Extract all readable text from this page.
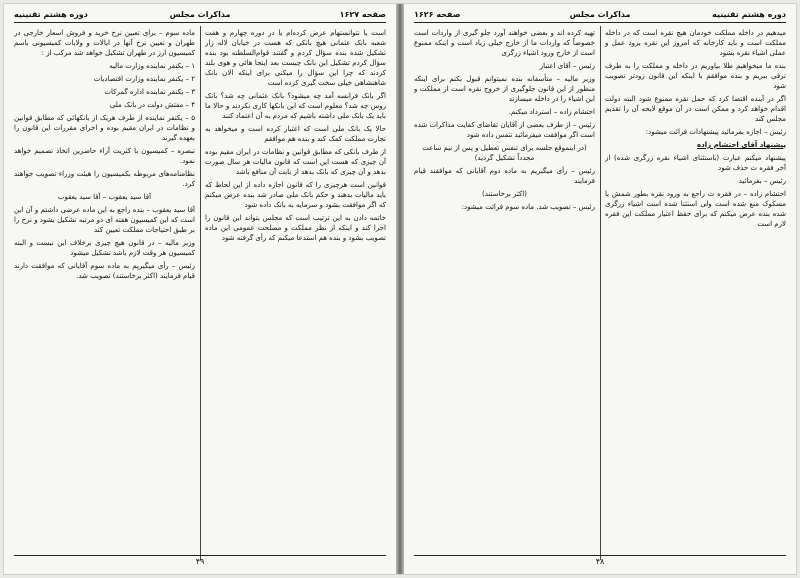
صفحه ۱۶۲۷
مذاکرات مجلس
دوره هشتم تقنینیه

است یا نتوانستهام عرض کرده‌ام یا در دوره چهارم و هفت شعبه بانک عثمانی هیچ بانکی که هست در خیابان لاله زار تشکیل شده بنده سؤال کردم و گفتند قوام‌السلطنه بود بنده سؤال کردم تشکیل این بانک چیست بعد اینجا هائی و هوی بلند کردند که چرا این سؤال را میکنی برای اینکه الان بانک شاهنشاهی خیلی سخت گیری کرده است

اگر بانک فرانسه آمد چه میشود؟ بانک عثمانی چه شد؟ بانک روس چه شد؟ معلوم است که این بانکها کاری نکردند و حالا ما باید یک بانک ملی داشته باشیم که مردم به آن اعتماد کنند

حالا یک بانک ملی است که اعتبار کرده است و میخواهد به تجارت مملکت کمک کند و بنده هم موافقم

از طرف بانکی که مطابق قوانین و نظامات در ایران مقیم بوده آن چیزی که هست این است که قانون مالیات هر سال صورت بدهد و آن چیزی که بانک بدهد از بابت آن منافع باشد

قوانین است هرچیزی را که قانون اجازه داده از این لحاظ که باید مالیات بدهند و حکم بانک ملی صادر شد بنده عرض میکنم که اگر موافقت بشود و سرمایه به بانک داده شود

خاتمه دادن به این ترتیب است که مجلس بتواند این قانون را اجرا کند و اینکه از نظر مملکت و مصلحت عمومی این ماده تصویب بشود و بنده هم استدعا میکنم که رأی گرفته شود

ماده سوم – برای تعیین نرخ خرید و فروش اسعار خارجی در طهران و تعیین نرخ آنها در ایالات و ولایات کمیسیونی باسم کمیسیون ارز در طهران تشکیل خواهد شد مرکب از :

۱ – یکنفر نماینده وزارت مالیه

۲ – یکنفر نماینده وزارت اقتصادیات

۳ – یکنفر نماینده اداره گمرکات

۴ – مفتش دولت در بانک ملی

۵ – یکنفر نماینده از طرف هریک از بانکهائی که مطابق قوانین و نظامات در ایران مقیم بوده و اجرای مقررات این قانون را بعهده گیرند

تبصره – کمیسیون با کثریت آراء حاضرین اتخاذ تصمیم خواهد نمود.

نظامنامه‌های مربوطه بکمیسیون را هیئت وزراء تصویب خواهند کرد.

آقا سید یعقوب – آقا سید یعقوب

آقا سید یعقوب – بنده راجع به این ماده عرضی داشتم و آن این است که این کمیسیون هفته ای دو مرتبه تشکیل بشود و نرخ را بر طبق احتیاجات مملکت تعیین کند

وزیر مالیه – در قانون هیچ چیزی برخلاف این نیست و البته کمیسیون هر وقت لازم باشد تشکیل میشود

رئیس – رأی میگیریم به ماده سوم آقایانی که موافقت دارند قیام فرمایند (اکثر برخاستند) تصویب شد.

۴۹
دوره هشتم تقنینیه
مذاکرات مجلس
صفحه ۱۶۲۶

میدهیم در داخله مملکت خودمان هیچ نقره است که در داخله مملکت است و باید کارخانه که امروز این نقره برود عمل و عملی اشیاء نقره بشود

بنده ما میخواهیم طلا بیاوریم در داخله و مملکت را به طرف ترقی ببریم و بنده موافقم با اینکه این قانون زودتر تصویب شود

اگر در آینده اقتضا کرد که حمل نقره ممنوع شود البته دولت اقدام خواهد کرد و ممکن است در آن موقع لایحه آن را تقدیم مجلس کند

رئیس – اجازه بفرمائید پیشنهادات قرائت میشود:

پیشنهاد آقای احتشام زاده

پیشنهاد میکنم عبارت (باستثنای اشیاء نقره زرگری شده) از آخر فقره ث حذف شود

رئیس – بفرمائید

احتشام زاده – در فقره ث راجع به ورود نقره بطور شمش یا مسکوک منع شده است ولی استثنا شده است اشیاء زرگری شده بنده عرض میکنم که برای حفظ اعتبار مملکت این فقره لازم است

تهیه کرده اند و بعضی خواهند آورد جلو گیری از واردات است خصوصاً که واردات ما از خارج خیلی زیاد است و اینکه ممنوع است از خارج ورود اشیاء زرگری

رئیس – آقای اعتبار

وزیر مالیه – متأسفانه بنده نمیتوانم قبول بکنم برای اینکه منظور از این قانون جلوگیری از خروج نقره است از مملکت و این اشیاء را در داخله میسازند

احتشام زاده – استرداد میکنم.

رئیس – از طرف بعضی از آقایان تقاضای کفایت مذاکرات شده است اگر موافقت میفرمائید تنفس داده شود

(در اینموقع جلسه برای تنفس تعطیل و پس از نیم ساعت مجدداً تشکیل گردید)

رئیس – رأی میگیریم به ماده دوم آقایانی که موافقند قیام فرمایند

(اکثر برخاستند)

رئیس – تصویب شد. ماده سوم قرائت میشود:

۴۸
